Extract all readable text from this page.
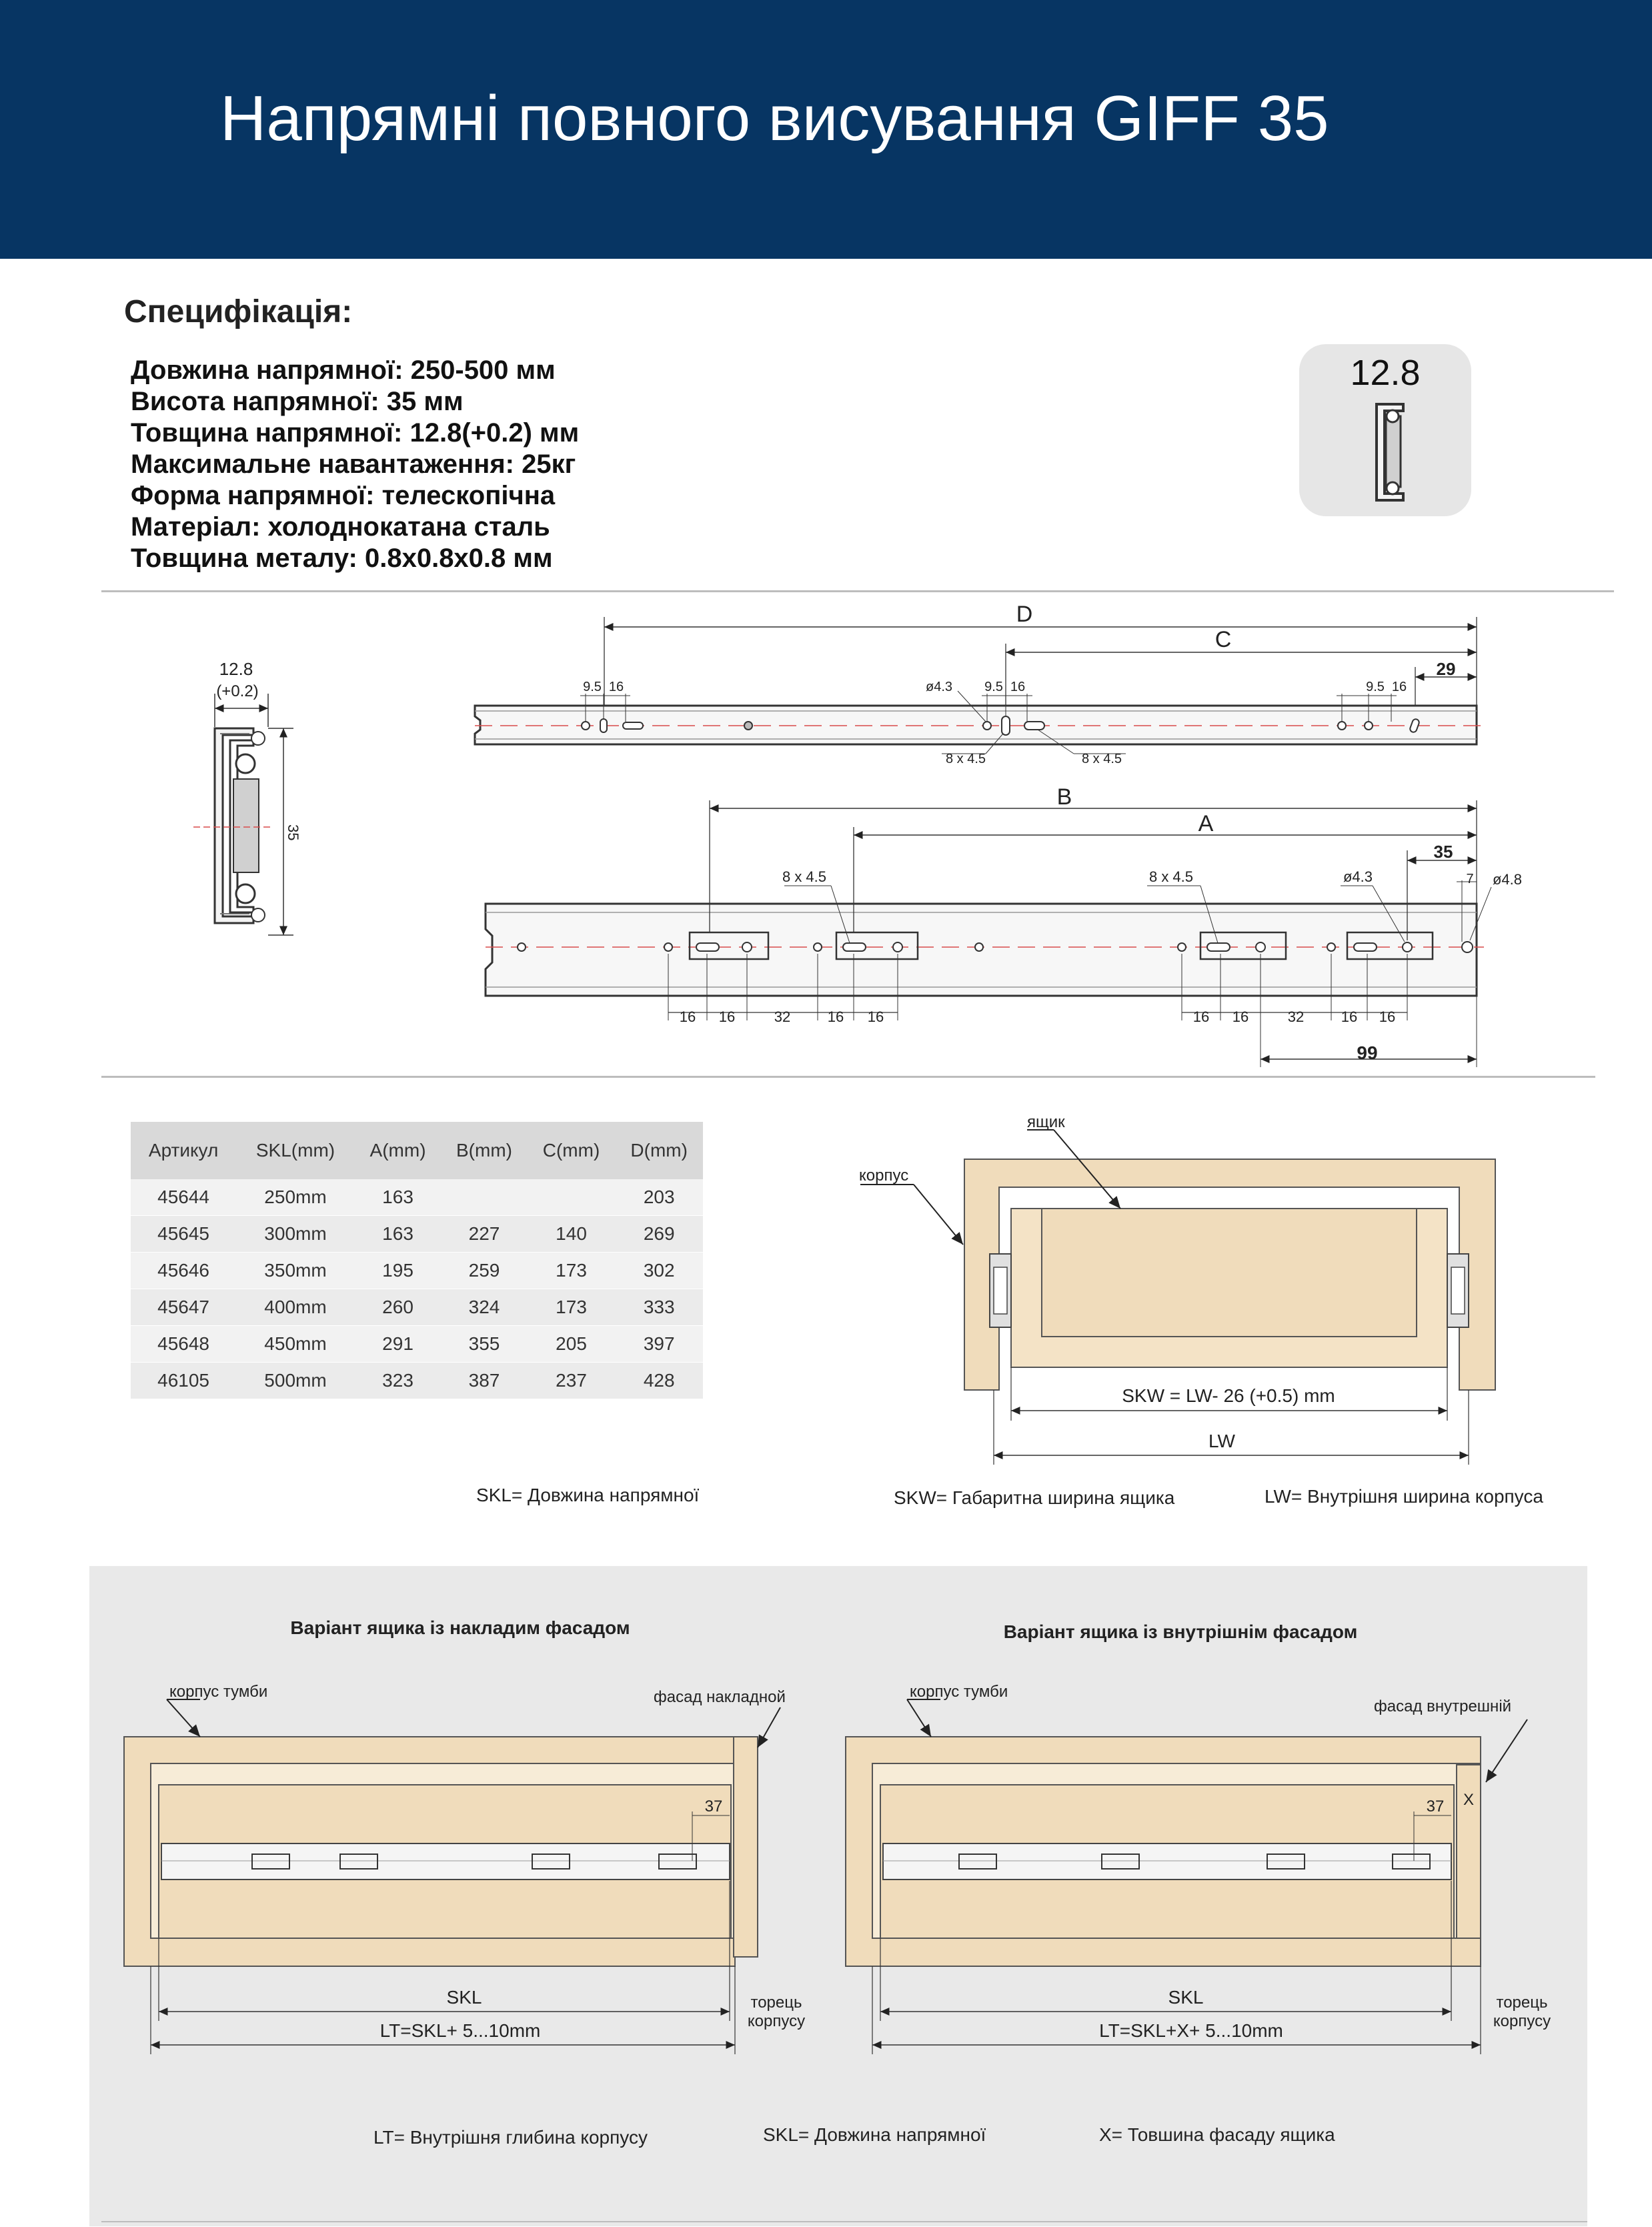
Напрямні повного висування GIFF 35
Специфікація:
Довжина напрямної: 250-500 мм
Висота напрямної: 35 мм
Товщина напрямної: 12.8(+0.2) мм
Максимальне навантаження: 25кг
Форма напрямної: телескопічна
Матеріал: холоднокатана сталь
Товщина металу: 0.8x0.8x0.8 мм
12.8
12.8
(+0.2)
35
D
C
29
9.5 16	ø4.3 9.5 16	9.5 16
8 x 4.5	8 x 4.5
B
A
35
7 ø4.8
8 x 4.5	8 x 4.5	ø4.3
16 16	32	16 16	16 16	32	16 16
99
Артикул	SKL(mm)	A(mm)	B(mm)	C(mm)	D(mm)
45644	250mm	163			203
45645	300mm	163	227	140	269
45646	350mm	195	259	173	302
45647	400mm	260	324	173	333
45648	450mm	291	355	205	397
46105	500mm	323	387	237	428
SKL= Довжина напрямної
ящик
корпус
SKW = LW- 26 (+0.5) mm
LW
SKW= Габаритна ширина ящика	LW= Внутрішня ширина корпуса
Варіант ящика із накладим фасадом	Варіант ящика із внутрішнім фасадом
37
корпус тумби	фасад накладной
SKL
LT=SKL+ 5...10mm
торець
корпусу
37 X
корпус тумби
фасад внутрешній
SKL
LT=SKL+X+ 5...10mm
торець
корпусу
LT= Внутрішня глибина корпусу	SKL= Довжина напрямної	X= Товшина фасаду ящика
